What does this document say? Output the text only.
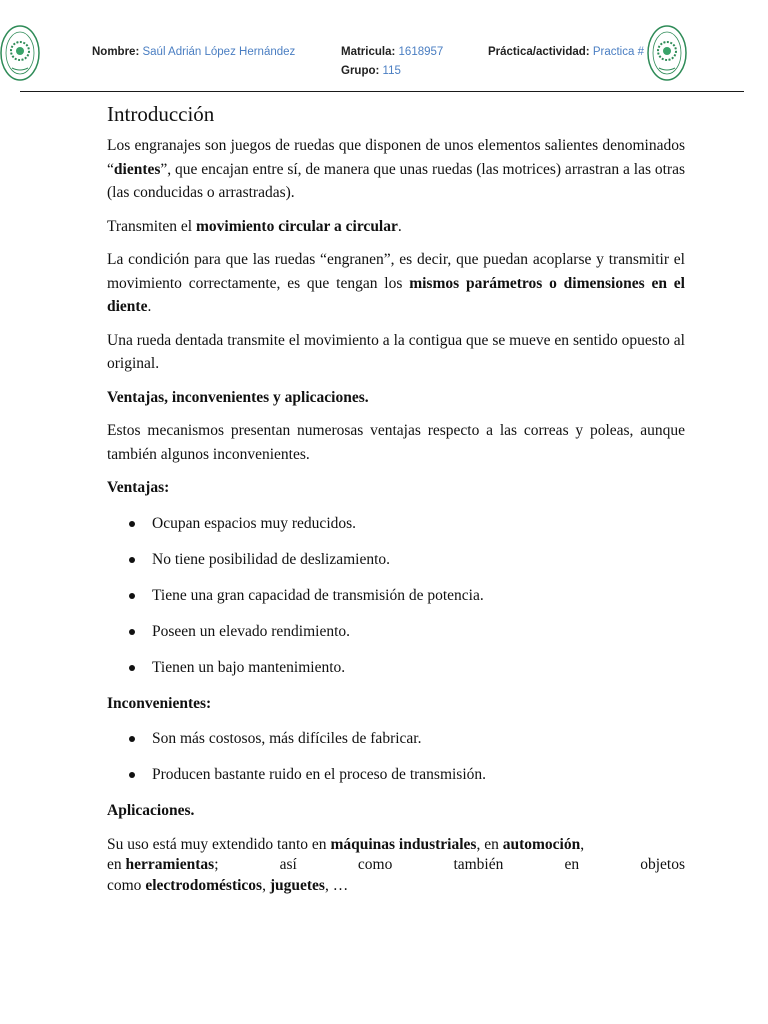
Nombre: Saúl Adrián López Hernández	Matricula: 1618957
Grupo: 115
Práctica/actividad: Practica #
Introducción

Los engranajes son juegos de ruedas que disponen de unos elementos salientes denominados “dientes”, que encajan entre sí, de manera que unas ruedas (las motrices) arrastran a las otras (las conducidas o arrastradas).

Transmiten el movimiento circular a circular.

La condición para que las ruedas “engranen”, es decir, que puedan acoplarse y transmitir el movimiento correctamente, es que tengan los mismos parámetros o dimensiones en el diente.

Una rueda dentada transmite el movimiento a la contigua que se mueve en sentido opuesto al original.

Ventajas, inconvenientes y aplicaciones.

Estos mecanismos presentan numerosas ventajas respecto a las correas y poleas, aunque también algunos inconvenientes.

Ventajas:

Ocupan espacios muy reducidos.
No tiene posibilidad de deslizamiento.
Tiene una gran capacidad de transmisión de potencia.
Poseen un elevado rendimiento.
Tienen un bajo mantenimiento.

Inconvenientes:

Son más costosos, más difíciles de fabricar.
Producen bastante ruido en el proceso de transmisión.

Aplicaciones.

Su uso está muy extendido tanto en máquinas industriales, en automoción,

en herramientas;	así	como	también	en	objetos

como electrodomésticos, juguetes, …
